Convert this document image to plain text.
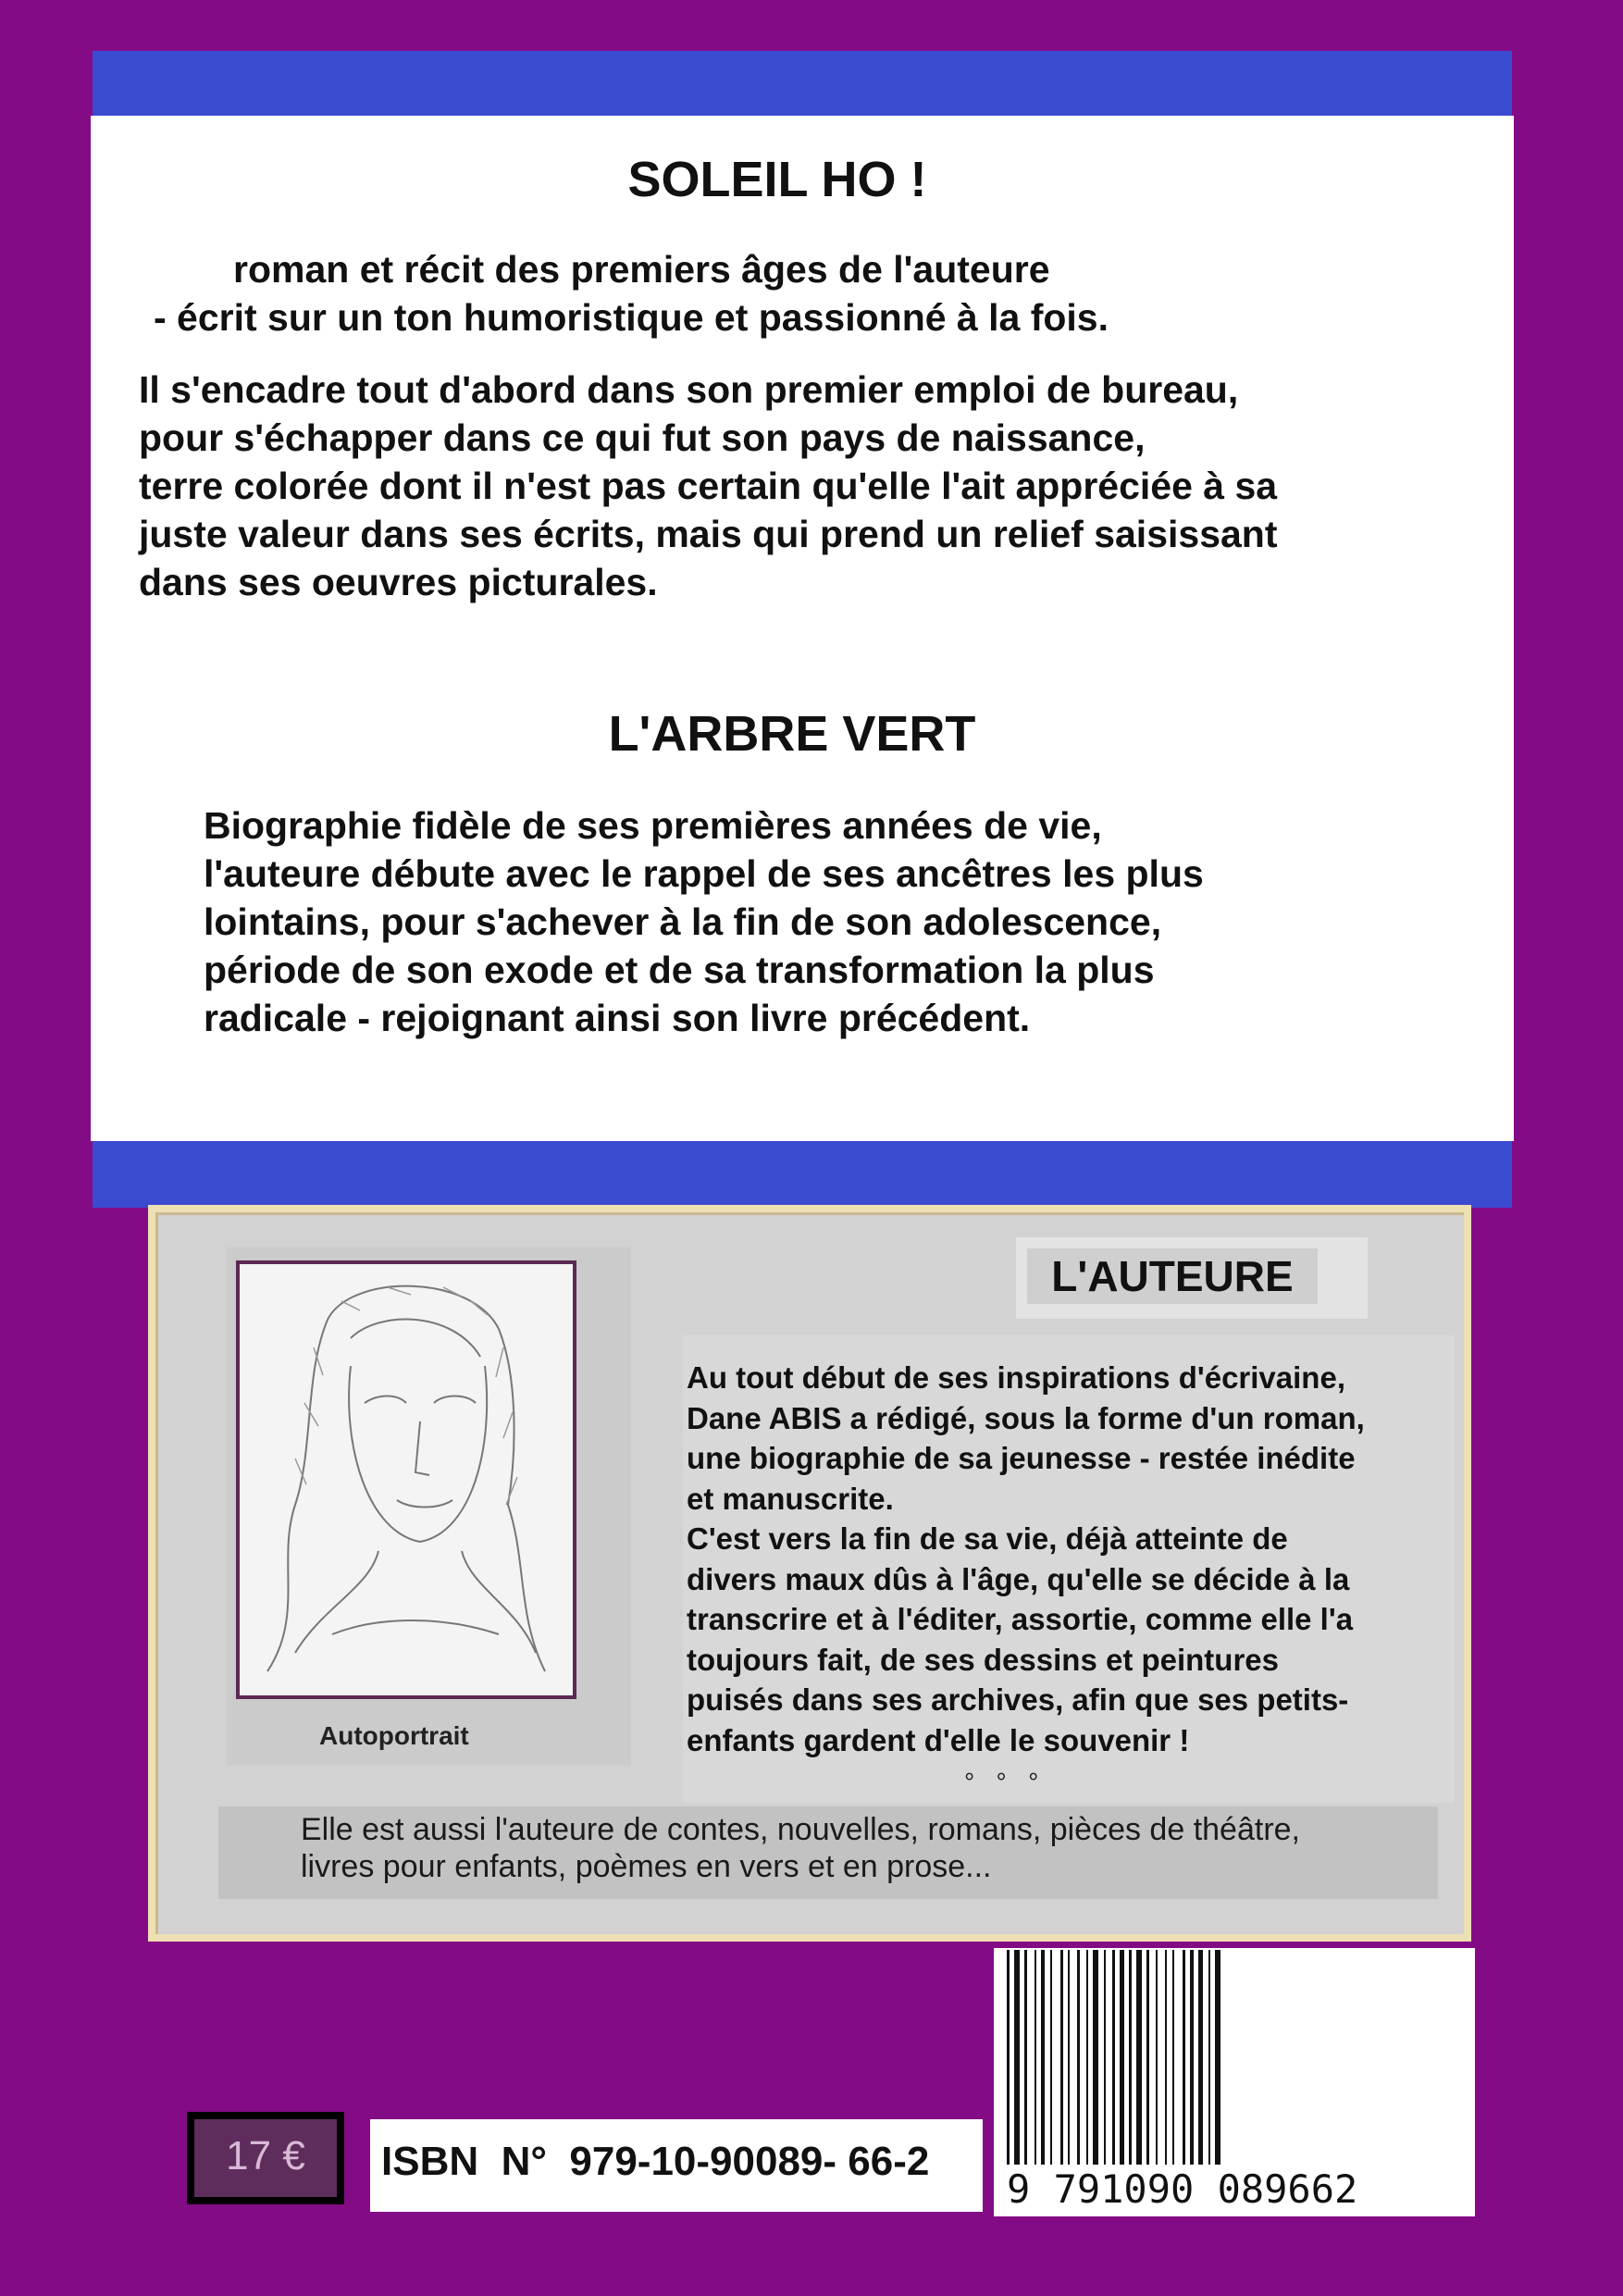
SOLEIL HO !
roman et récit des premiers âges de l'auteure
- écrit sur un ton humoristique et passionné à la fois.
Il s'encadre tout d'abord dans son premier emploi de bureau,
pour s'échapper dans ce qui fut son pays de naissance,
terre colorée dont il n'est pas certain qu'elle l'ait appréciée à sa
juste valeur dans ses écrits, mais qui prend un relief saisissant
dans ses oeuvres picturales.
L'ARBRE VERT
Biographie fidèle de ses premières années de vie,
l'auteure débute avec le rappel de ses ancêtres les plus
lointains, pour s'achever à la fin de son adolescence,
période de son exode et de sa transformation la plus
radicale - rejoignant ainsi son livre précédent.
Autoportrait
L'AUTEURE
Au tout début de ses inspirations d'écrivaine,
Dane ABIS a rédigé, sous la forme d'un roman,
une biographie de sa jeunesse - restée inédite
et manuscrite.
C'est vers la fin de sa vie, déjà atteinte de
divers maux dûs à l'âge, qu'elle se décide à la
transcrire et à l'éditer, assortie, comme elle l'a
toujours fait, de ses dessins et peintures
puisés dans ses archives, afin que ses petits-
enfants gardent d'elle le souvenir !
°   °   °
Elle est aussi l'auteure de contes, nouvelles, romans, pièces de théâtre,
livres pour enfants, poèmes en vers et en prose...
17 €	ISBN  N°  979-10-90089- 66-2
9 791090 089662
